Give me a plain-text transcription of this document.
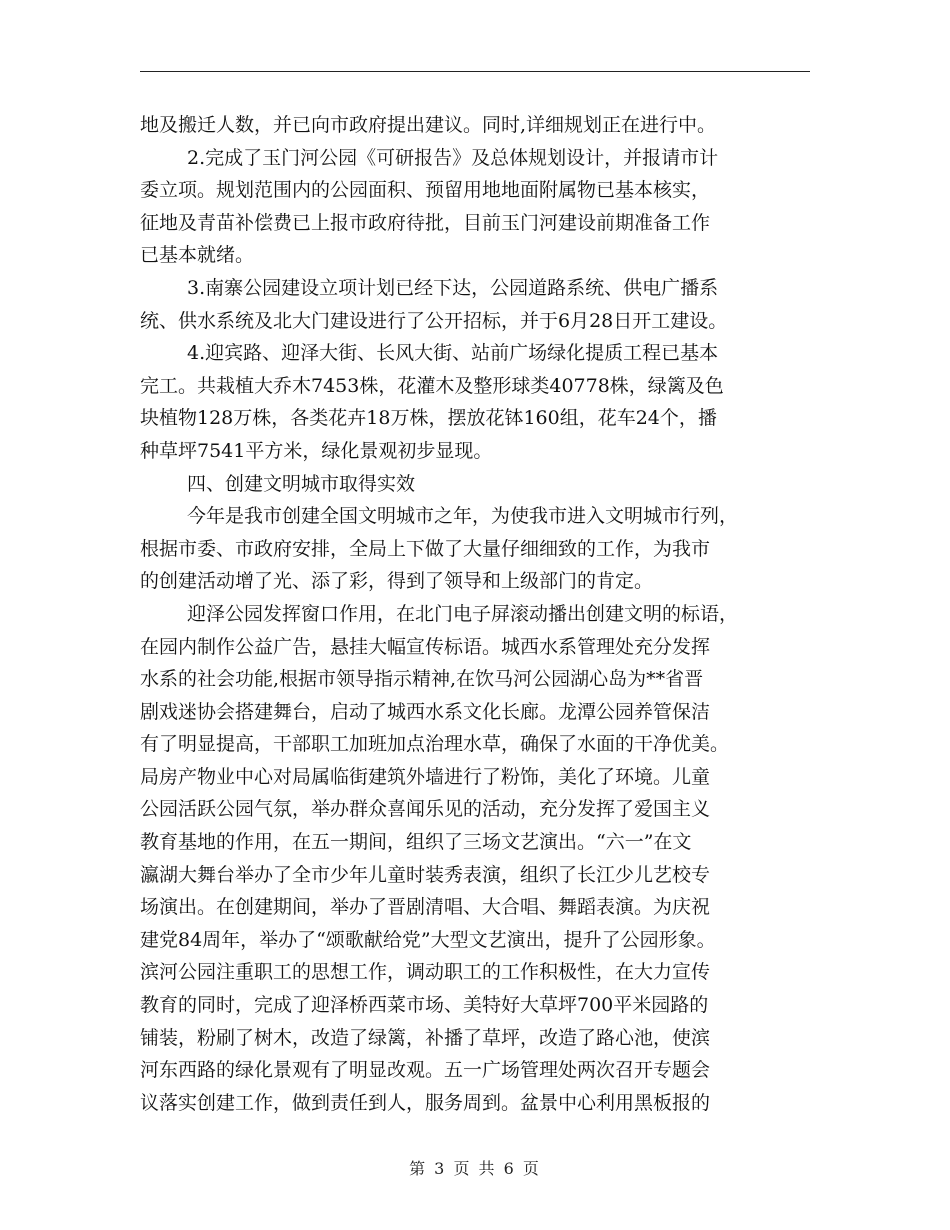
地及搬迁人数，并已向市政府提出建议。同时,详细规划正在进行中。
2.完成了玉门河公园《可研报告》及总体规划设计，并报请市计
委立项。规划范围内的公园面积、预留用地地面附属物已基本核实，
征地及青苗补偿费已上报市政府待批，目前玉门河建设前期准备工作
已基本就绪。
3.南寨公园建设立项计划已经下达，公园道路系统、供电广播系
统、供水系统及北大门建设进行了公开招标，并于6月28日开工建设。
4.迎宾路、迎泽大街、长风大街、站前广场绿化提质工程已基本
完工。共栽植大乔木7453株，花灌木及整形球类40778株，绿篱及色
块植物128万株，各类花卉18万株，摆放花钵160组，花车24个，播
种草坪7541平方米，绿化景观初步显现。
四、创建文明城市取得实效
今年是我市创建全国文明城市之年，为使我市进入文明城市行列，
根据市委、市政府安排，全局上下做了大量仔细细致的工作，为我市
的创建活动增了光、添了彩，得到了领导和上级部门的肯定。
迎泽公园发挥窗口作用，在北门电子屏滚动播出创建文明的标语，
在园内制作公益广告，悬挂大幅宣传标语。城西水系管理处充分发挥
水系的社会功能,根据市领导指示精神,在饮马河公园湖心岛为**省晋
剧戏迷协会搭建舞台，启动了城西水系文化长廊。龙潭公园养管保洁
有了明显提高，干部职工加班加点治理水草，确保了水面的干净优美。
局房产物业中心对局属临街建筑外墙进行了粉饰，美化了环境。儿童
公园活跃公园气氛，举办群众喜闻乐见的活动，充分发挥了爱国主义
教育基地的作用，在五一期间，组织了三场文艺演出。“六一”在文
瀛湖大舞台举办了全市少年儿童时装秀表演，组织了长江少儿艺校专
场演出。在创建期间，举办了晋剧清唱、大合唱、舞蹈表演。为庆祝
建党84周年，举办了“颂歌献给党”大型文艺演出，提升了公园形象。
滨河公园注重职工的思想工作，调动职工的工作积极性，在大力宣传
教育的同时，完成了迎泽桥西菜市场、美特好大草坪700平米园路的
铺装，粉刷了树木，改造了绿篱，补播了草坪，改造了路心池，使滨
河东西路的绿化景观有了明显改观。五一广场管理处两次召开专题会
议落实创建工作，做到责任到人，服务周到。盆景中心利用黑板报的
第 3 页 共 6 页
